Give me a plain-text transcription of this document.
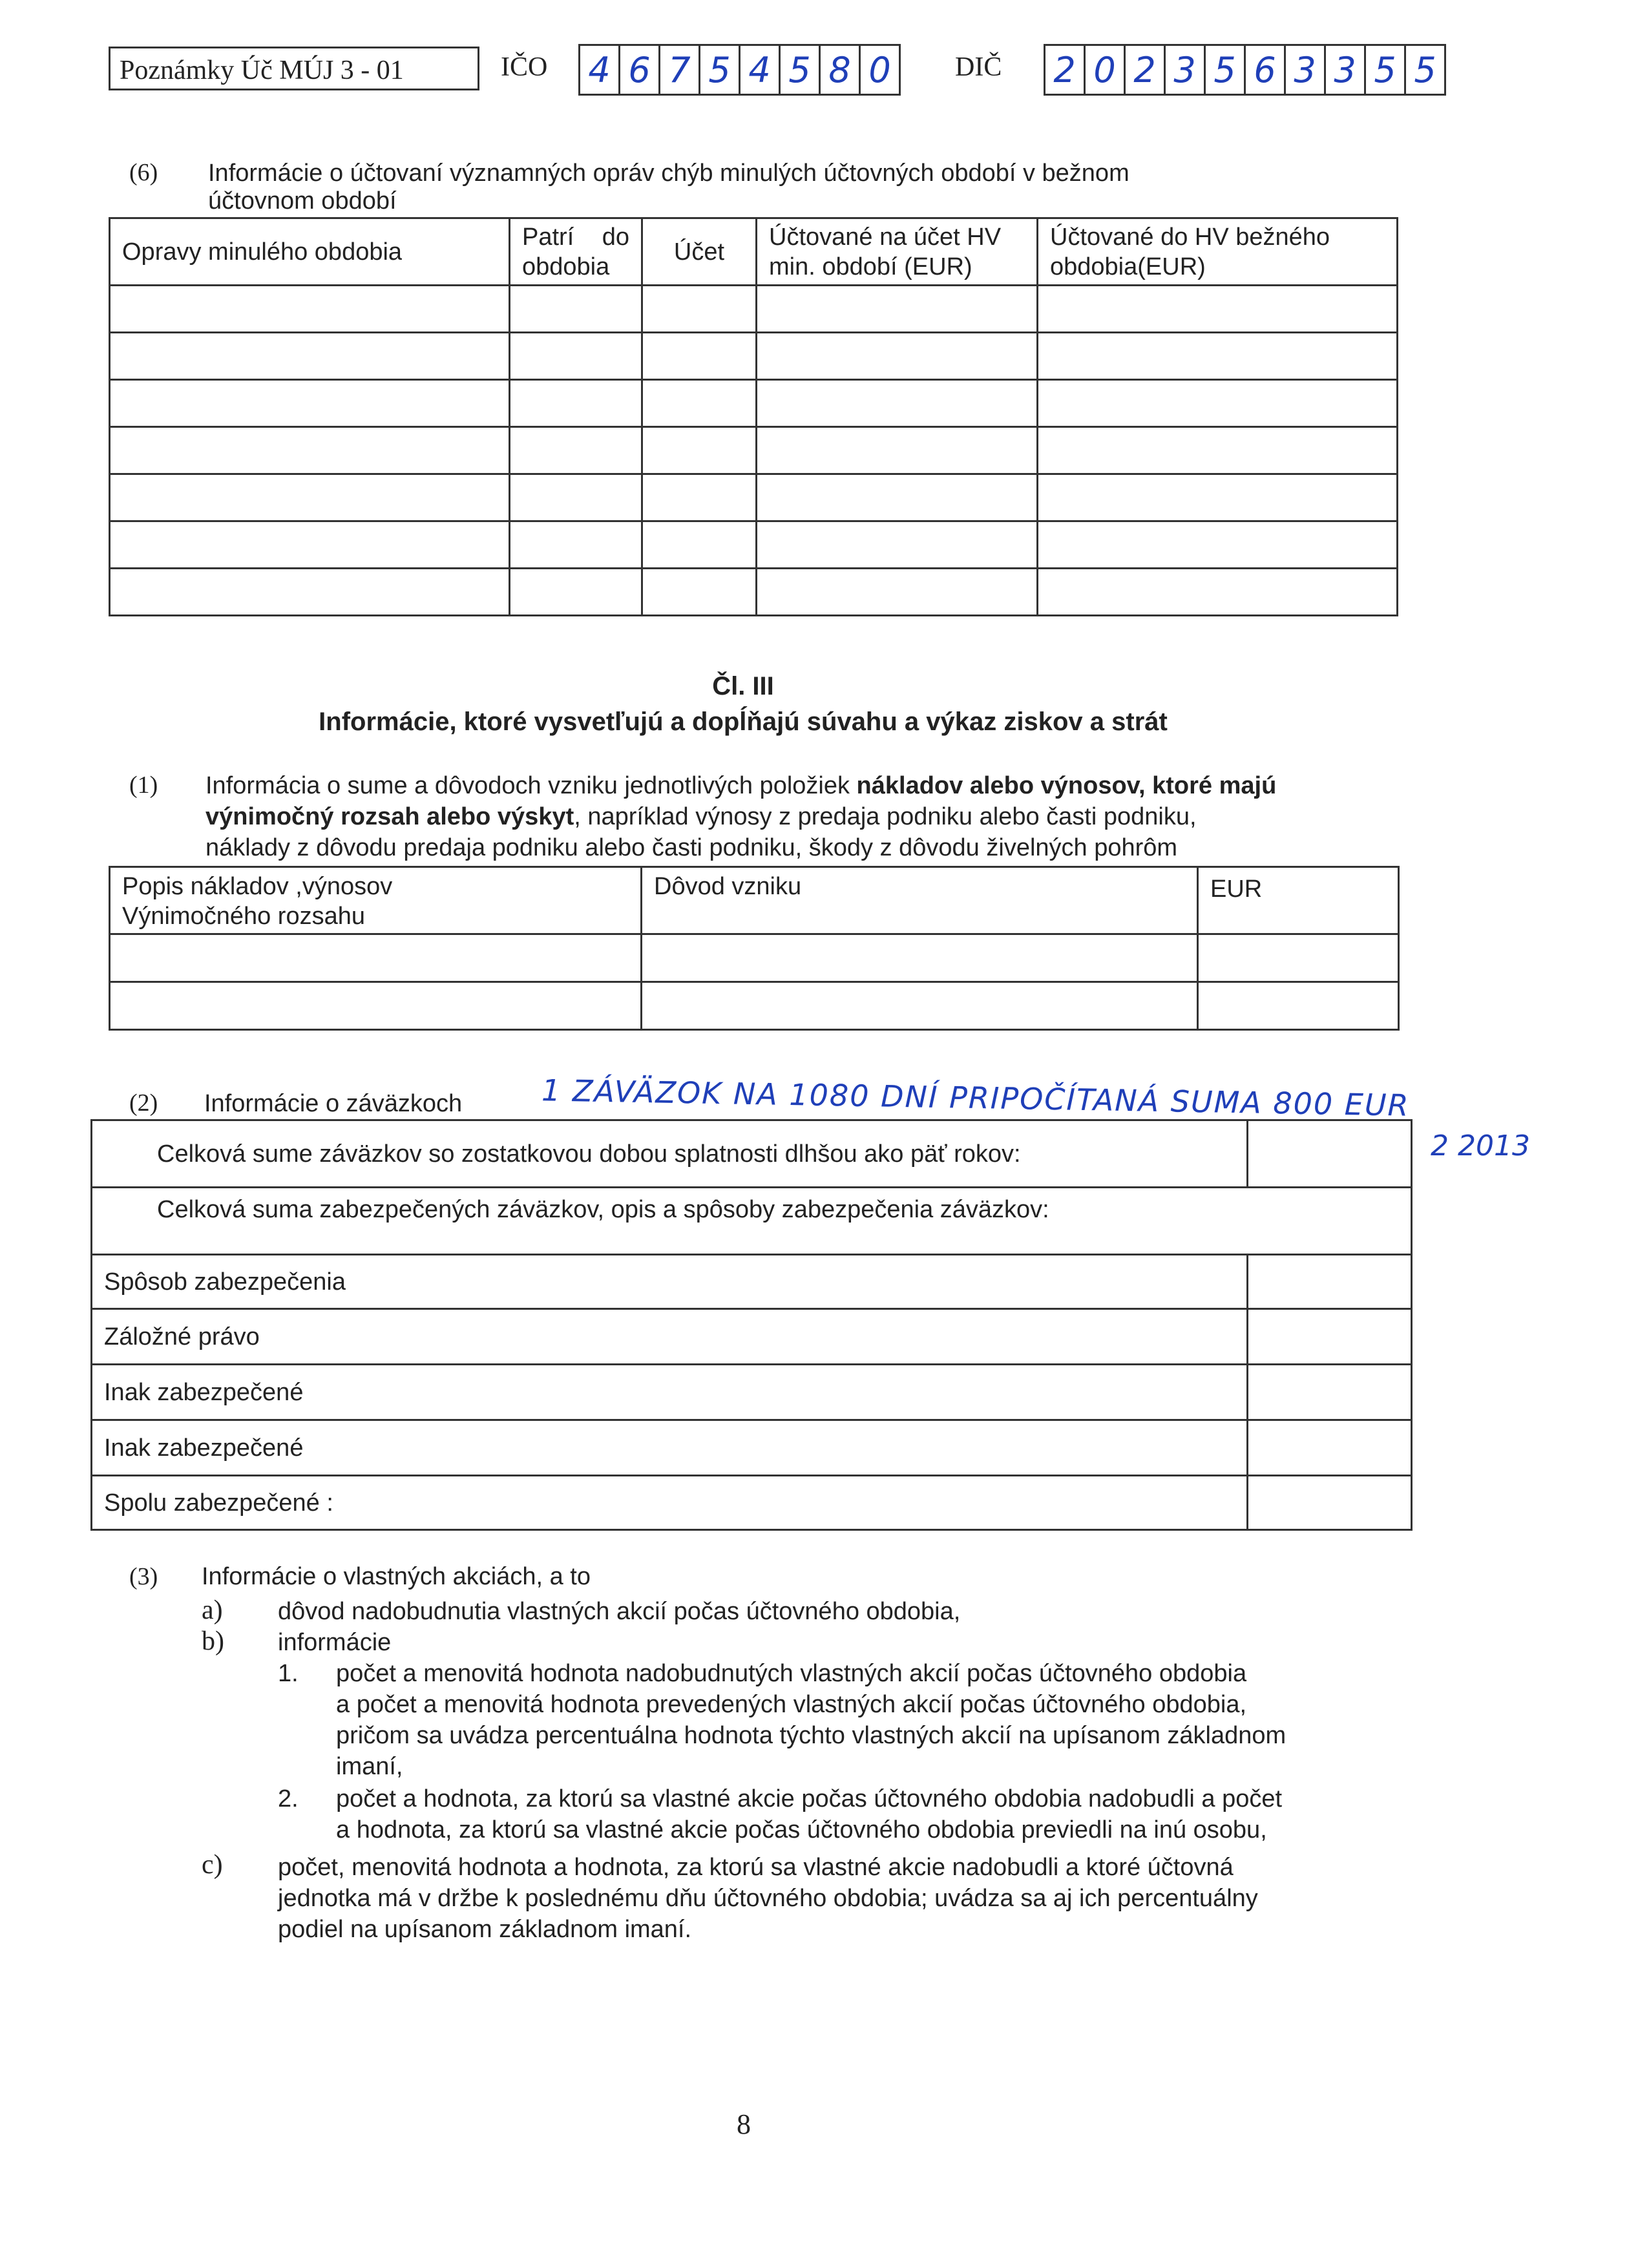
Poznámky Úč MÚJ 3 - 01	IČO 4 6 7 5 4 5 8 0	DIČ 2 0 2 3 5 6 3 3 5 5
(6) Informácie o účtovaní významných opráv chýb minulých účtovných období v bežnom
účtovnom období
Opravy minulého obdobia	Patrí do obdobia	Účet	Účtované na účet HV min. období (EUR)	Účtované do HV bežného obdobia(EUR)

Čl. III
Informácie, ktoré vysvetľujú a dopĺňajú súvahu a výkaz ziskov a strát
(1) Informácia o sume a dôvodoch vzniku jednotlivých položiek nákladov alebo výnosov, ktoré majú
výnimočný rozsah alebo výskyt, napríklad výnosy z predaja podniku alebo časti podniku,
náklady z dôvodu predaja podniku alebo časti podniku, škody z dôvodu živelných pohrôm
Popis nákladov ,výnosov
Výnimočného rozsahu	Dôvod vzniku	EUR

(2) Informácie o záväzkoch	1 ZÁVÄZOK NA 1080 DNÍ PRIPOČÍTANÁ SUMA 800 EUR
2 2013
Celková sume záväzkov so zostatkovou dobou splatnosti dlhšou ako päť rokov:	
Celková suma zabezpečených záväzkov, opis a spôsoby zabezpečenia záväzkov:	
Spôsob zabezpečenia	
Záložné právo	
Inak zabezpečené	
Inak zabezpečené	
Spolu zabezpečené :	
(3) Informácie o vlastných akciách, a to
a) dôvod nadobudnutia vlastných akcií počas účtovného obdobia,
b) informácie
1. počet a menovitá hodnota nadobudnutých vlastných akcií počas účtovného obdobia
a počet a menovitá hodnota prevedených vlastných akcií počas účtovného obdobia,
pričom sa uvádza percentuálna hodnota týchto vlastných akcií na upísanom základnom
imaní,
2. počet a hodnota, za ktorú sa vlastné akcie počas účtovného obdobia nadobudli a počet
a hodnota, za ktorú sa vlastné akcie počas účtovného obdobia previedli na inú osobu,
c) počet, menovitá hodnota a hodnota, za ktorú sa vlastné akcie nadobudli a ktoré účtovná
jednotka má v držbe k poslednému dňu účtovného obdobia; uvádza sa aj ich percentuálny
podiel na upísanom základnom imaní.
8
